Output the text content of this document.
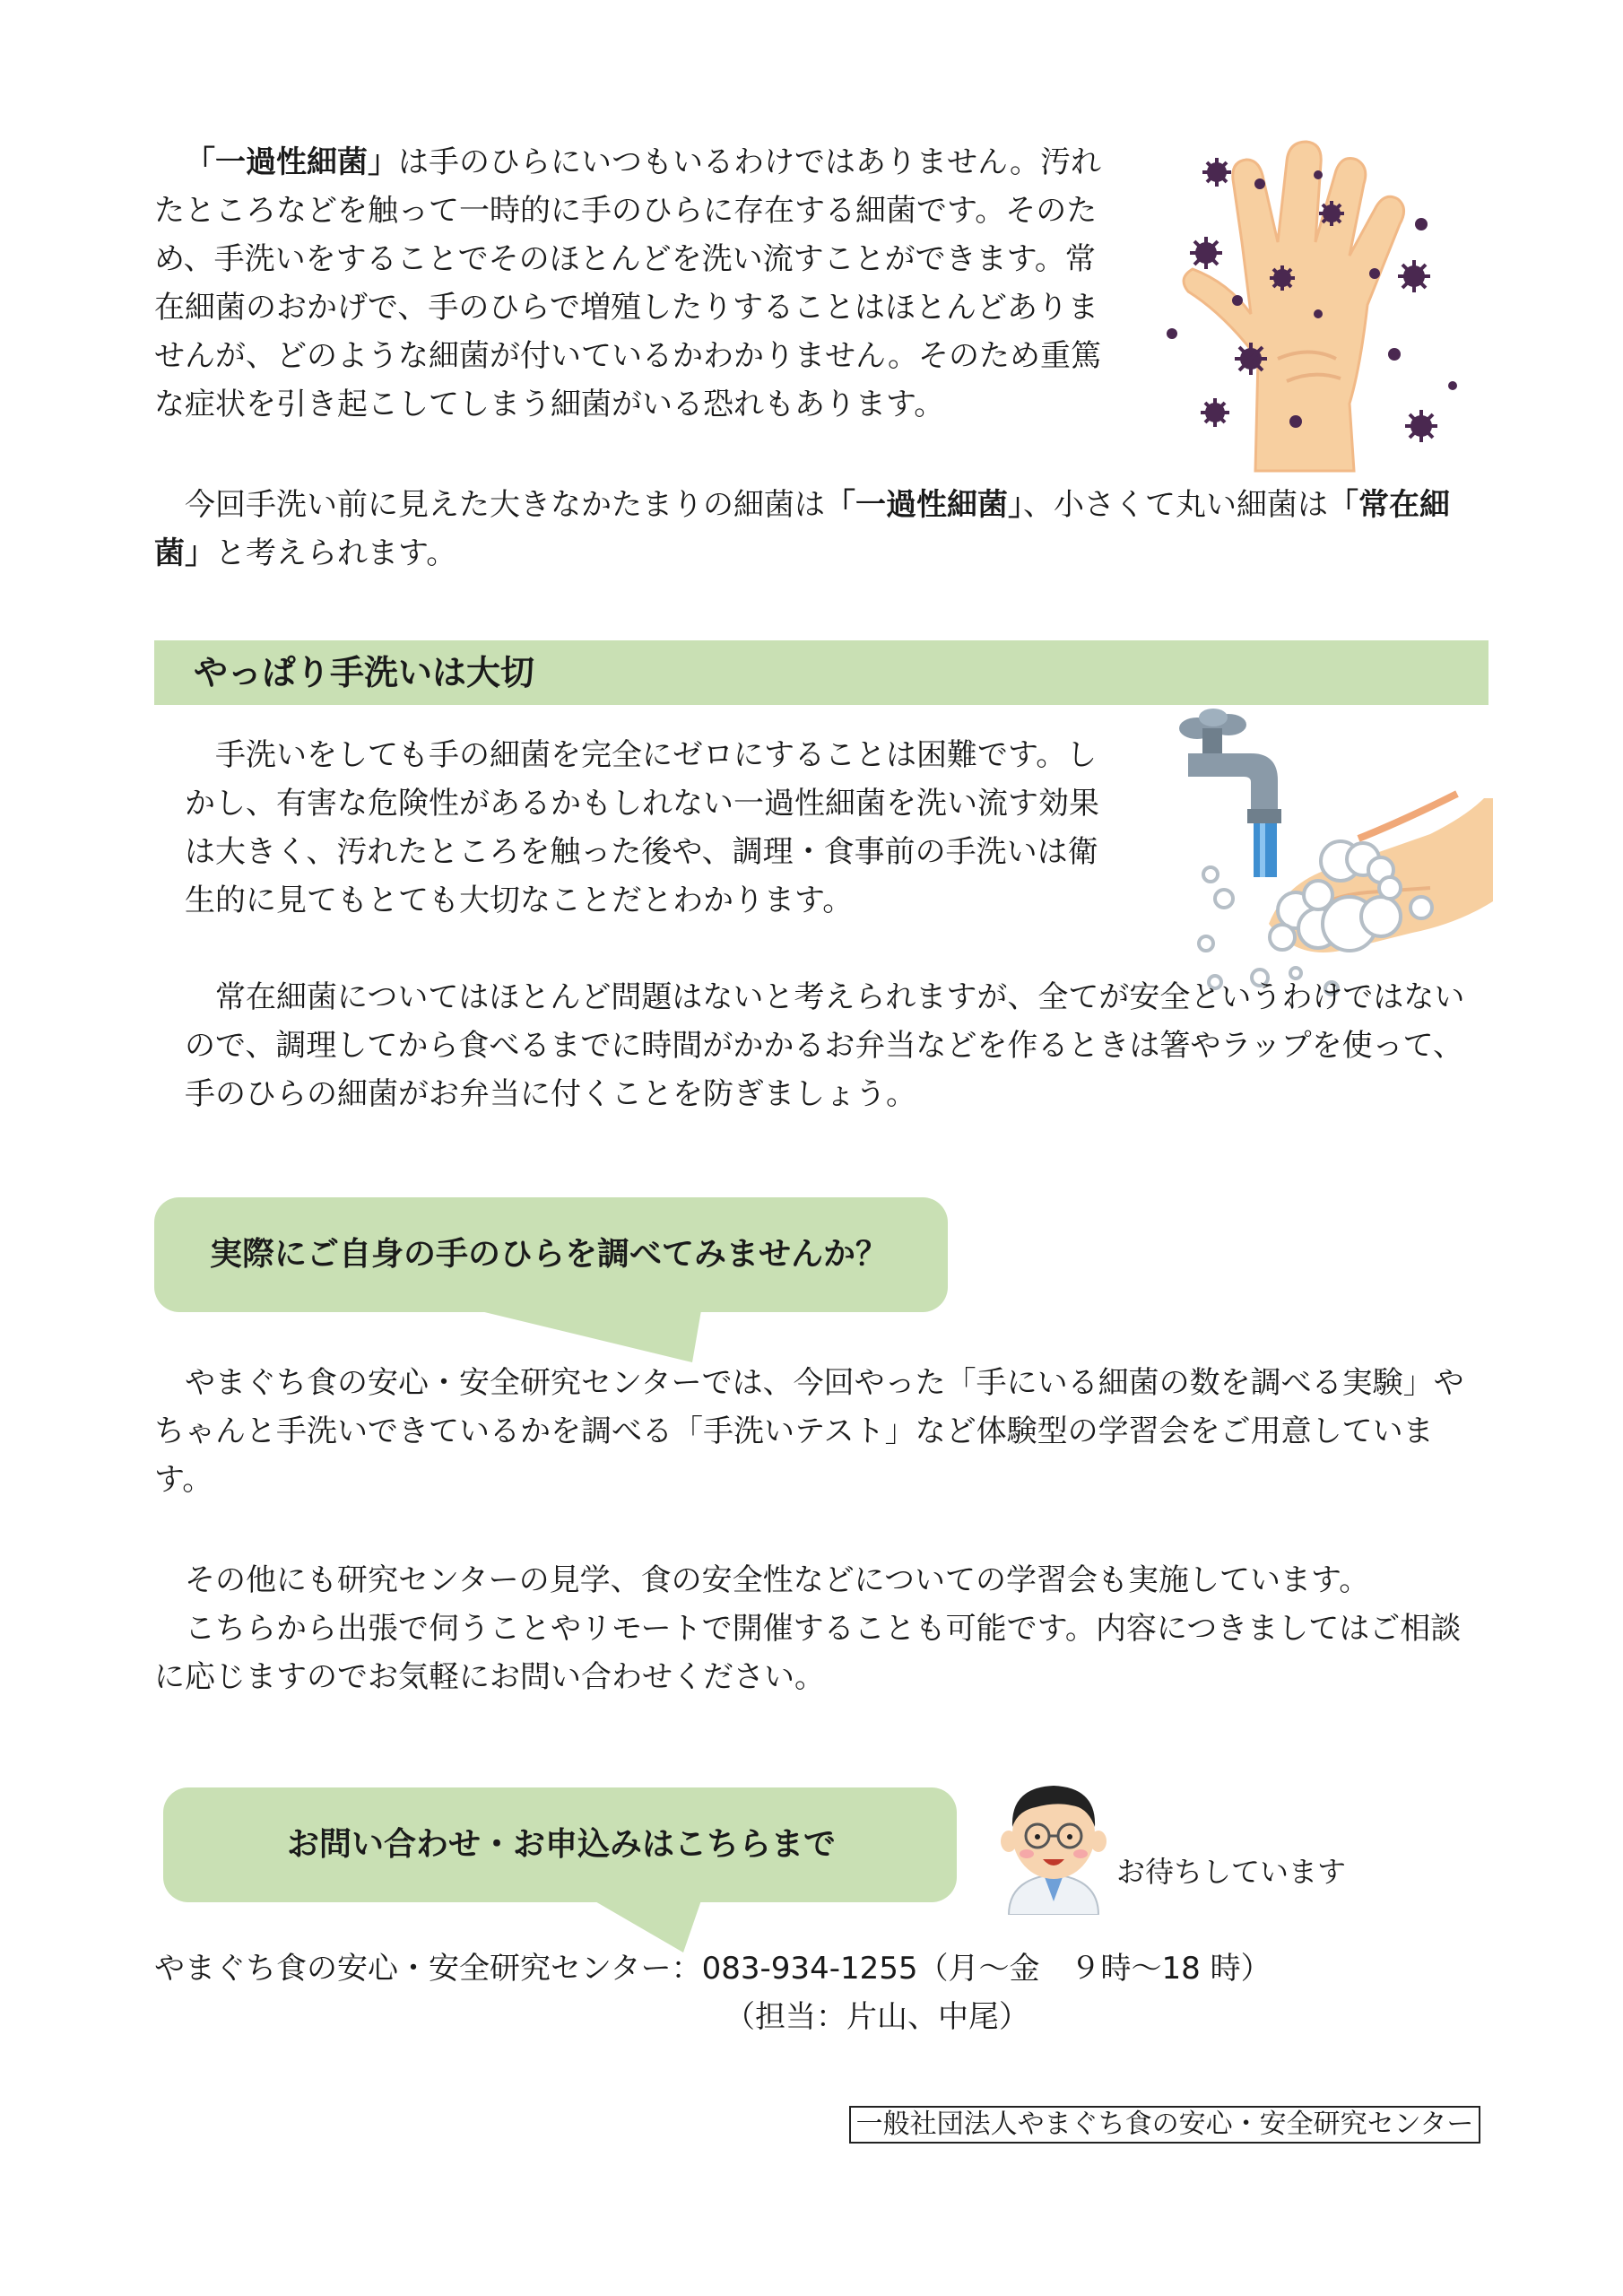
「一過性細菌」は手のひらにいつもいるわけではありません。汚れたところなどを触って一時的に手のひらに存在する細菌です。そのため、手洗いをすることでそのほとんどを洗い流すことができます。常在細菌のおかげで、手のひらで増殖したりすることはほとんどありませんが、どのような細菌が付いているかわかりません。そのため重篤な症状を引き起こしてしまう細菌がいる恐れもあります。

今回手洗い前に見えた大きなかたまりの細菌は「一過性細菌」、小さくて丸い細菌は「常在細菌」と考えられます。

やっぱり手洗いは大切

手洗いをしても手の細菌を完全にゼロにすることは困難です。しかし、有害な危険性があるかもしれない一過性細菌を洗い流す効果は大きく、汚れたところを触った後や、調理・食事前の手洗いは衛生的に見てもとても大切なことだとわかります。

常在細菌についてはほとんど問題はないと考えられますが、全てが安全というわけではないので、調理してから食べるまでに時間がかかるお弁当などを作るときは箸やラップを使って、手のひらの細菌がお弁当に付くことを防ぎましょう。

実際にご自身の手のひらを調べてみませんか？

やまぐち食の安心・安全研究センターでは、今回やった「手にいる細菌の数を調べる実験」やちゃんと手洗いできているかを調べる「手洗いテスト」など体験型の学習会をご用意しています。

その他にも研究センターの見学、食の安全性などについての学習会も実施しています。

こちらから出張で伺うことやリモートで開催することも可能です。内容につきましてはご相談に応じますのでお気軽にお問い合わせください。

お問い合わせ・お申込みはこちらまで
お待ちしています
やまぐち食の安心・安全研究センター：083-934-1255（月～金　９時～18 時）
（担当：片山、中尾）
一般社団法人やまぐち食の安心・安全研究センター
